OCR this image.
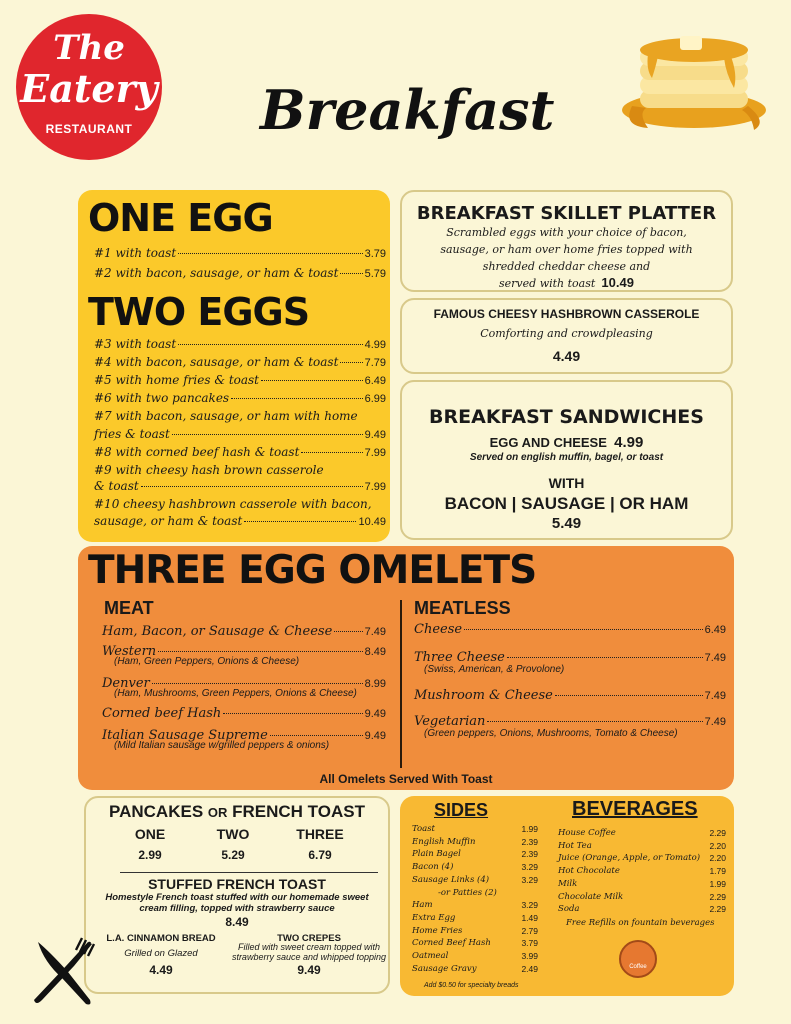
The
Eatery
RESTAURANT	Breakfast
ONE EGG
#1 with toast	3.79
#2 with bacon, sausage, or ham & toast 5.79
TWO EGGS
#3 with toast	4.99
#4 with bacon, sausage, or ham & toast 7.79
#5 with home fries & toast	6.49
#6 with two pancakes	6.99
#7 with bacon, sausage, or ham with home
fries & toast	9.49
#8 with corned beef hash & toast	7.99
#9 with cheesy hash brown casserole
& toast	7.99
#10 cheesy hashbrown casserole with bacon,
sausage, or ham & toast	10.49
BREAKFAST SKILLET PLATTER
Scrambled eggs with your choice of bacon,
sausage, or ham over home fries topped with
shredded cheddar cheese and
served with toast 10.49
FAMOUS CHEESY HASHBROWN CASSEROLE
Comforting and crowdpleasing
4.49
BREAKFAST SANDWICHES
EGG AND CHEESE 4.99
Served on english muffin, bagel, or toast
WITH
BACON | SAUSAGE | OR HAM
5.49
THREE EGG OMELETS
MEAT	MEATLESS
Ham, Bacon, or Sausage & Cheese	7.49
Western	8.49
(Ham, Green Peppers, Onions & Cheese)
Denver	8.99
(Ham, Mushrooms, Green Peppers, Onions & Cheese)
Corned beef Hash	9.49
Italian Sausage Supreme	9.49
(Mild Italian sausage w/grilled peppers & onions)
Cheese	6.49
Three Cheese	7.49
(Swiss, American, & Provolone)
Mushroom & Cheese	7.49
Vegetarian	7.49
(Green peppers, Onions, Mushrooms, Tomato & Cheese)
All Omelets Served With Toast
PANCAKES OR FRENCH TOAST
ONE	TWO	THREE
2.99	5.29	6.79
STUFFED FRENCH TOAST
Homestyle French toast stuffed with our homemade sweet
cream filling, topped with strawberry sauce
8.49
L.A. CINNAMON BREAD
Grilled on Glazed
4.49
TWO CREPES
Filled with sweet cream topped with
strawberry sauce and whipped topping
9.49
SIDES	BEVERAGES
Toast	1.99
English Muffin	2.39
Plain Bagel	2.39
Bacon (4)	3.29
Sausage Links (4)	3.29
-or Patties (2)
Ham	3.29
Extra Egg	1.49
Home Fries	2.79
Corned Beef Hash	3.79
Oatmeal	3.99
Sausage Gravy	2.49
Add $0.50 for specialty breads
House Coffee	2.29
Hot Tea	2.20
Juice (Orange, Apple, or Tomato) 2.20
Hot Chocolate	1.79
Milk	1.99
Chocolate Milk	2.29
Soda	2.29
Free Refills on fountain beverages
Coffee
